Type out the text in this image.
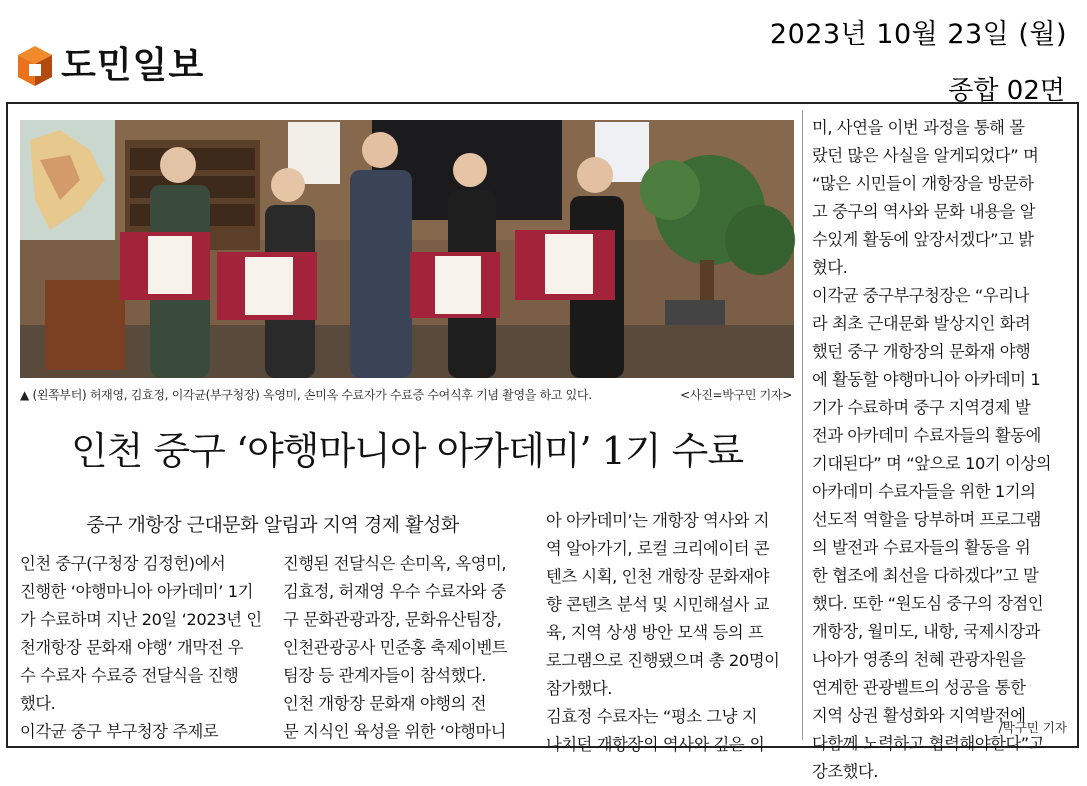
2023년 10월 23일 (월)
도민일보
종합 02면
▲ (왼쪽부터) 허재영, 김효정, 이각균(부구청장) 옥영미, 손미옥 수료자가 수료증 수여식후 기념 촬영을 하고 있다.	<사진=박구민 기자>
인천 중구 ‘야행마니아 아카데미’ 1기 수료
중구 개항장 근대문화 알림과 지역 경제 활성화
인천 중구(구청장 김정헌)에서
진행한 ‘야행마니아 아카데미’ 1기
가 수료하며 지난 20일 ‘2023년 인
천개항장 문화재 야행’ 개막전 우
수 수료자 수료증 전달식을 진행
했다.
이각균 중구 부구청장 주제로
진행된 전달식은 손미옥, 옥영미,
김효정, 허재영 우수 수료자와 중
구 문화관광과장, 문화유산팀장,
인천관광공사 민준홍 축제이벤트
팀장 등 관계자들이 참석했다.
인천 개항장 문화재 야행의 전
문 지식인 육성을 위한 ‘야행마니
아 아카데미’는 개항장 역사와 지
역 알아가기, 로컬 크리에이터 콘
텐츠 시획, 인천 개항장 문화재야
향 콘텐츠 분석 및 시민해설사 교
육, 지역 상생 방안 모색 등의 프
로그램으로 진행됐으며 총 20명이
참가했다.
김효정 수료자는 “평소 그냥 지
나치던 개항장의 역사와 깊은 의
미, 사연을 이번 과정을 통해 몰
랐던 많은 사실을 알게되었다” 며
“많은 시민들이 개항장을 방문하
고 중구의 역사와 문화 내용을 알
수있게 활동에 앞장서겠다”고 밝
혔다.
이각균 중구부구청장은 “우리나
라 최초 근대문화 발상지인 화려
했던 중구 개항장의 문화재 야행
에 활동할 야행마니아 아카데미 1
기가 수료하며 중구 지역경제 발
전과 아카데미 수료자들의 활동에
기대된다” 며 “앞으로 10기 이상의
아카데미 수료자들을 위한 1기의
선도적 역할을 당부하며 프로그램
의 발전과 수료자들의 활동을 위
한 협조에 최선을 다하겠다”고 말
했다. 또한 “원도심 중구의 장점인
개항장, 월미도, 내항, 국제시장과
나아가 영종의 천혜 관광자원을
연계한 관광벨트의 성공을 통한
지역 상권 활성화와 지역발전에
다함께 노력하고 협력해야한다”고
강조했다.
/박구민 기자
